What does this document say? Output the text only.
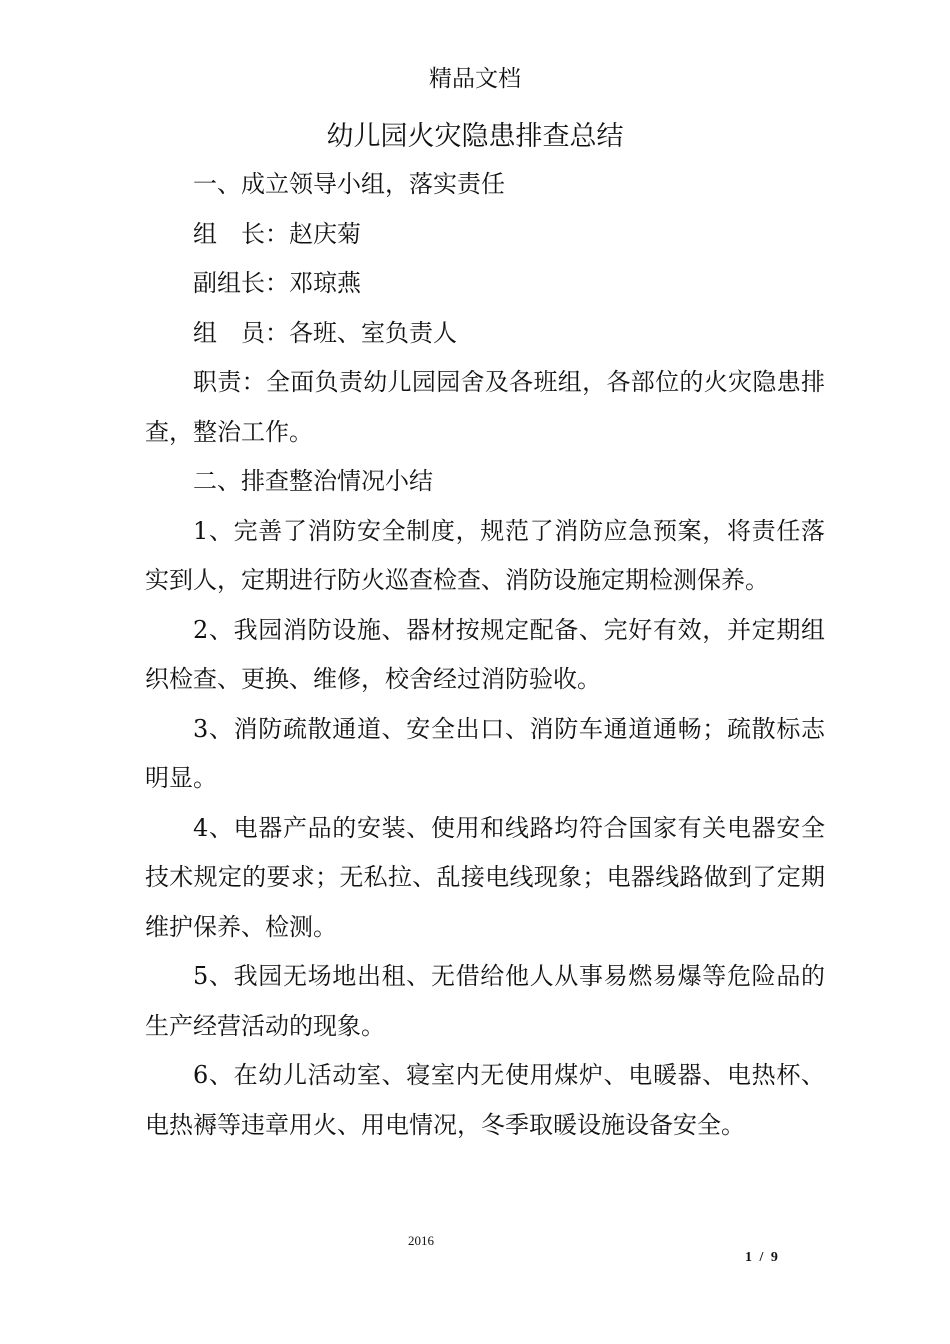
精品文档
幼儿园火灾隐患排查总结

一、成立领导小组，落实责任

组　长：赵庆菊

副组长：邓琼燕

组　员：各班、室负责人

职责：全面负责幼儿园园舍及各班组，各部位的火灾隐患排查，整治工作。

二、排查整治情况小结

1、完善了消防安全制度，规范了消防应急预案，将责任落实到人，定期进行防火巡查检查、消防设施定期检测保养。

2、我园消防设施、器材按规定配备、完好有效，并定期组织检查、更换、维修，校舍经过消防验收。

3、消防疏散通道、安全出口、消防车通道通畅；疏散标志明显。

4、电器产品的安装、使用和线路均符合国家有关电器安全技术规定的要求；无私拉、乱接电线现象；电器线路做到了定期维护保养、检测。

5、我园无场地出租、无借给他人从事易燃易爆等危险品的生产经营活动的现象。

6、在幼儿活动室、寝室内无使用煤炉、电暖器、电热杯、电热褥等违章用火、用电情况，冬季取暖设施设备安全。

2016
1 / 9
